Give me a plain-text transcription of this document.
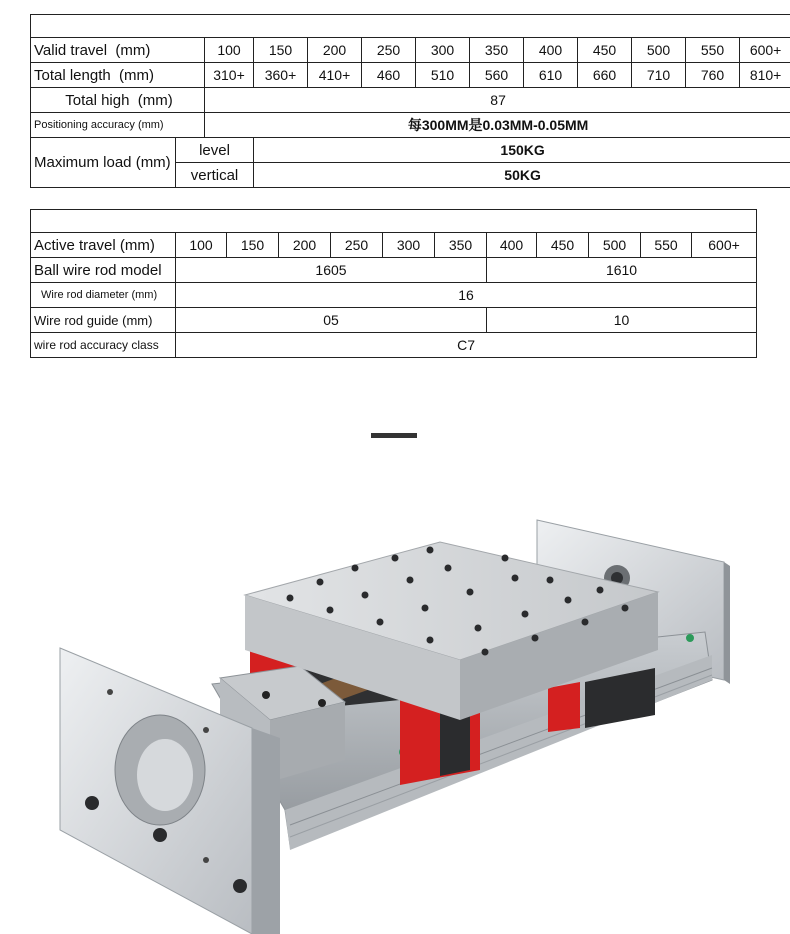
Valid travel  (mm)		100	150	200	250	300	350	400	450	500	550	600+
Total length  (mm)		310+	360+	410+	460	510	560	610	660	710	760	810+
Total high  (mm)		87										
Positioning accuracy (mm)		每300MM是0.03MM-0.05MM										
Maximum load (mm)	level		150KG									
	vertical		50KG									

Active travel (mm)	100	150	200	250	300	350	400	450	500	550	600+
Ball wire rod model	1605						1610				
Wire rod diameter (mm)	16										
Wire rod guide (mm)	05						10				
wire rod accuracy class	C7										
